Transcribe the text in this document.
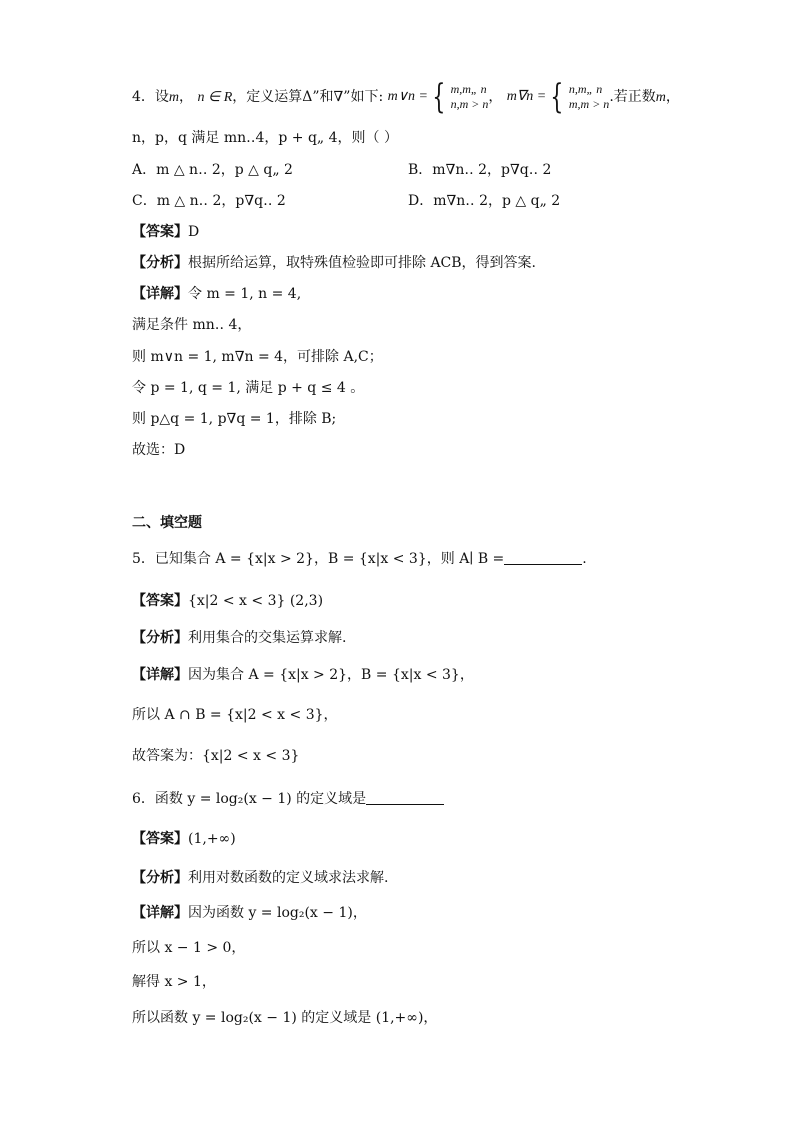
4．设m， n ∈ R，定义运算Δ”和∇”如下: m∨n = { m,m„ n
n,m > n ， m∇n = { n,m„ n
m,m > n .若正数m，
n，p，q 满足 mn‥4，p + q„ 4，则（ ）
A．m △ n‥ 2，p △ q„ 2	B．m∇n‥ 2，p∇q‥ 2
C．m △ n‥ 2，p∇q‥ 2	D．m∇n‥ 2，p △ q„ 2
【答案】D
【分析】根据所给运算，取特殊值检验即可排除 ACB，得到答案.
【详解】令 m = 1, n = 4,
满足条件 mn‥ 4，
则 m∨n = 1, m∇n = 4，可排除 A,C；
令 p = 1, q = 1, 满足 p + q ≤ 4 。
则 p△q = 1, p∇q = 1，排除 B;
故选：D
二、填空题
5．已知集合 A = {x|x > 2}，B = {x|x < 3}，则 A∣ B =	.
【答案】{x|2 < x < 3} (2,3)
【分析】利用集合的交集运算求解.
【详解】因为集合 A = {x|x > 2}，B = {x|x < 3}，
所以 A ∩ B = {x|2 < x < 3}，
故答案为：{x|2 < x < 3}
6．函数 y = log₂(x − 1) 的定义域是
【答案】(1,+∞)
【分析】利用对数函数的定义域求法求解.
【详解】因为函数 y = log₂(x − 1)，
所以 x − 1 > 0，
解得 x > 1，
所以函数 y = log₂(x − 1) 的定义域是 (1,+∞)，
